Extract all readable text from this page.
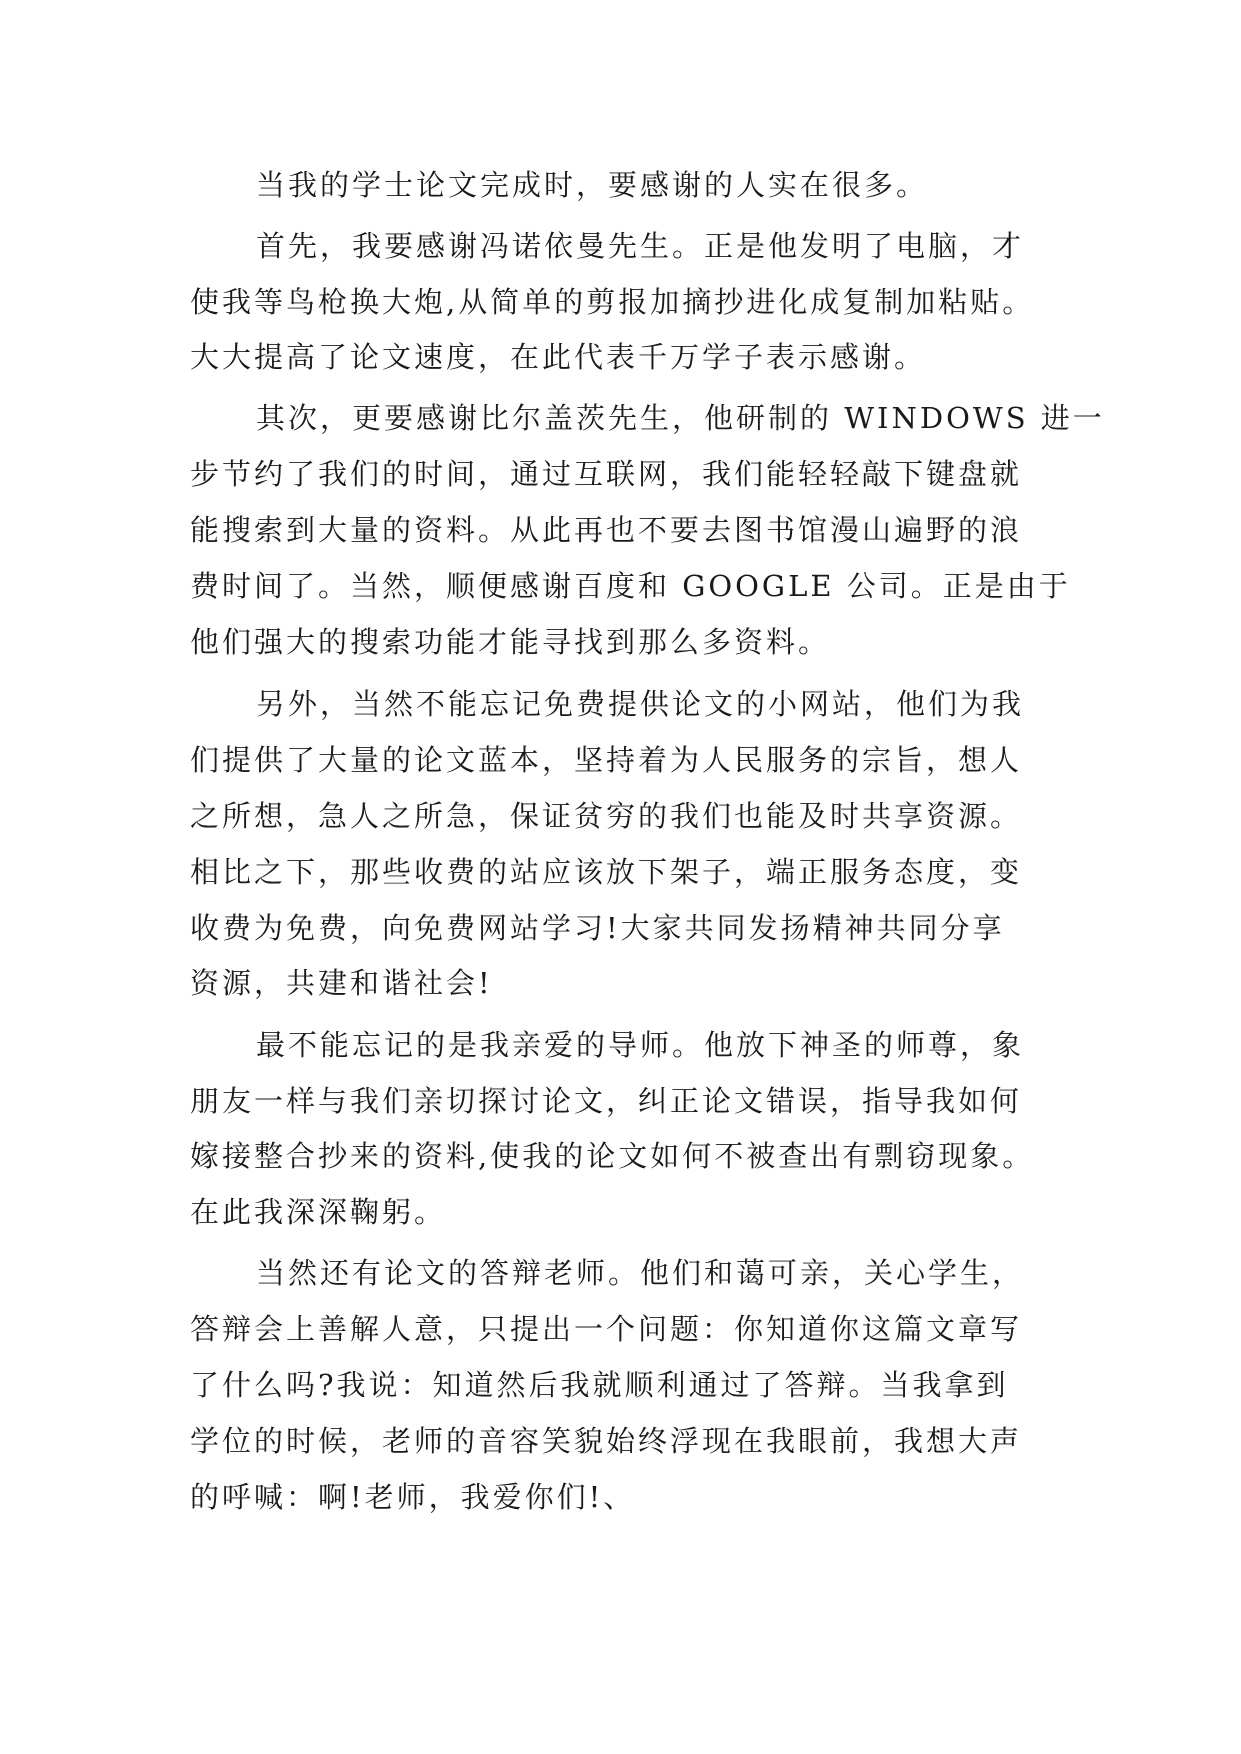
当我的学士论文完成时，要感谢的人实在很多。

首先，我要感谢冯诺依曼先生。正是他发明了电脑，才

使我等鸟枪换大炮,从简单的剪报加摘抄进化成复制加粘贴。

大大提高了论文速度，在此代表千万学子表示感谢。

其次，更要感谢比尔盖茨先生，他研制的 WINDOWS 进一

步节约了我们的时间，通过互联网，我们能轻轻敲下键盘就

能搜索到大量的资料。从此再也不要去图书馆漫山遍野的浪

费时间了。当然，顺便感谢百度和 GOOGLE 公司。正是由于

他们强大的搜索功能才能寻找到那么多资料。

另外，当然不能忘记免费提供论文的小网站，他们为我

们提供了大量的论文蓝本，坚持着为人民服务的宗旨，想人

之所想，急人之所急，保证贫穷的我们也能及时共享资源。

相比之下，那些收费的站应该放下架子，端正服务态度，变

收费为免费，向免费网站学习!大家共同发扬精神共同分享

资源，共建和谐社会!

最不能忘记的是我亲爱的导师。他放下神圣的师尊，象

朋友一样与我们亲切探讨论文，纠正论文错误，指导我如何

嫁接整合抄来的资料,使我的论文如何不被查出有剽窃现象。

在此我深深鞠躬。

当然还有论文的答辩老师。他们和蔼可亲，关心学生，

答辩会上善解人意，只提出一个问题：你知道你这篇文章写

了什么吗?我说：知道然后我就顺利通过了答辩。当我拿到

学位的时候，老师的音容笑貌始终浮现在我眼前，我想大声

的呼喊：啊!老师，我爱你们!、
